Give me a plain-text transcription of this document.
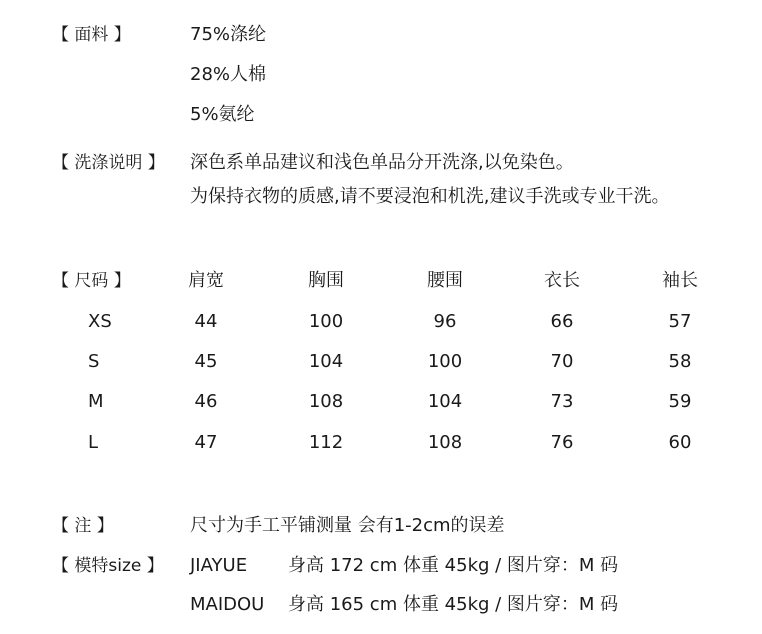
【 面料 】	75%涤纶
28%人棉
5%氨纶
【 洗涤说明 】 深色系单品建议和浅色单品分开洗涤,以免染色。
为保持衣物的质感,请不要浸泡和机洗,建议手洗或专业干洗。
【 尺码 】	肩宽	胸围	腰围	衣长	袖长
XS	44	100	96	66	57
S	45	104	100	70	58
M	46	108	104	73	59
L	47	112	108	76	60
【 注 】	尺寸为手工平铺测量 会有1-2cm的误差
【 模特size 】 JIAYUE 身高 172 cm 体重 45kg / 图片穿：M 码
MAIDOU 身高 165 cm 体重 45kg / 图片穿：M 码
